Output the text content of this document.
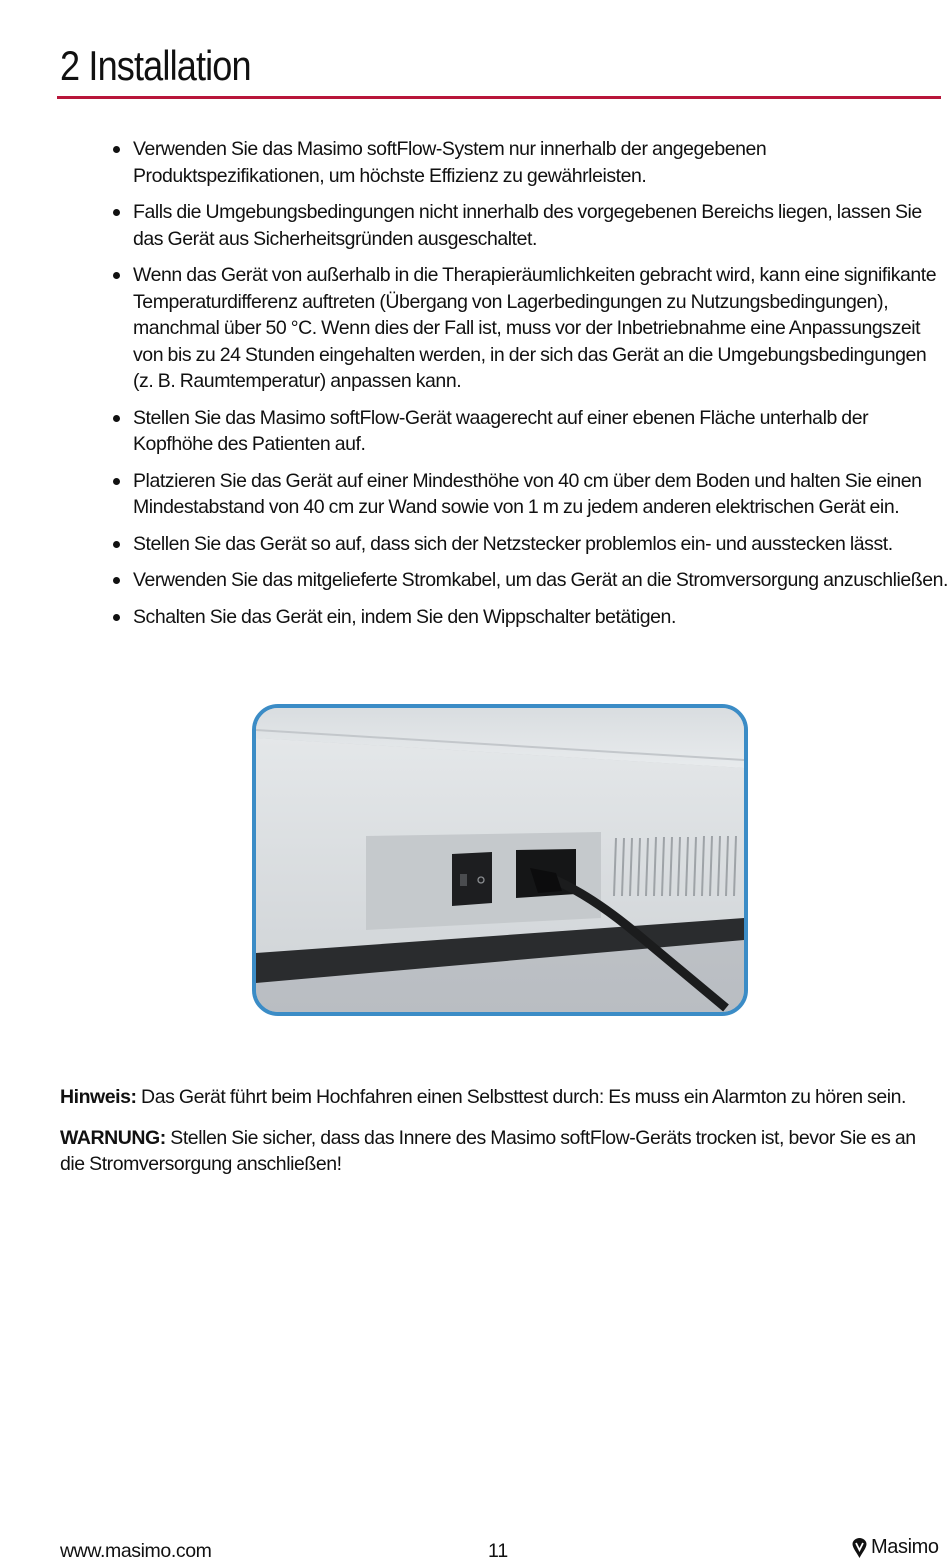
2 Installation
Verwenden Sie das Masimo softFlow-System nur innerhalb der angegebenen Produktspezifikationen, um höchste Effizienz zu gewährleisten.
Falls die Umgebungsbedingungen nicht innerhalb des vorgegebenen Bereichs liegen, lassen Sie das Gerät aus Sicherheitsgründen ausgeschaltet.
Wenn das Gerät von außerhalb in die Therapieräumlichkeiten gebracht wird, kann eine signifikante Temperaturdifferenz auftreten (Übergang von Lagerbedingungen zu Nutzungsbedingungen), manchmal über 50 °C. Wenn dies der Fall ist, muss vor der Inbetriebnahme eine Anpassungszeit von bis zu 24 Stunden eingehalten werden, in der sich das Gerät an die Umgebungsbedingungen (z. B. Raumtemperatur) anpassen kann.
Stellen Sie das Masimo softFlow-Gerät waagerecht auf einer ebenen Fläche unterhalb der Kopfhöhe des Patienten auf.
Platzieren Sie das Gerät auf einer Mindesthöhe von 40 cm über dem Boden und halten Sie einen Mindestabstand von 40 cm zur Wand sowie von 1 m zu jedem anderen elektrischen Gerät ein.
Stellen Sie das Gerät so auf, dass sich der Netzstecker problemlos ein- und ausstecken lässt.
Verwenden Sie das mitgelieferte Stromkabel, um das Gerät an die Stromversorgung anzuschließen.
Schalten Sie das Gerät ein, indem Sie den Wippschalter betätigen.

Hinweis: Das Gerät führt beim Hochfahren einen Selbsttest durch: Es muss ein Alarmton zu hören sein.

WARNUNG: Stellen Sie sicher, dass das Innere des Masimo softFlow-Geräts trocken ist, bevor Sie es an die Stromversorgung anschließen!

www.masimo.com	11	Masimo
